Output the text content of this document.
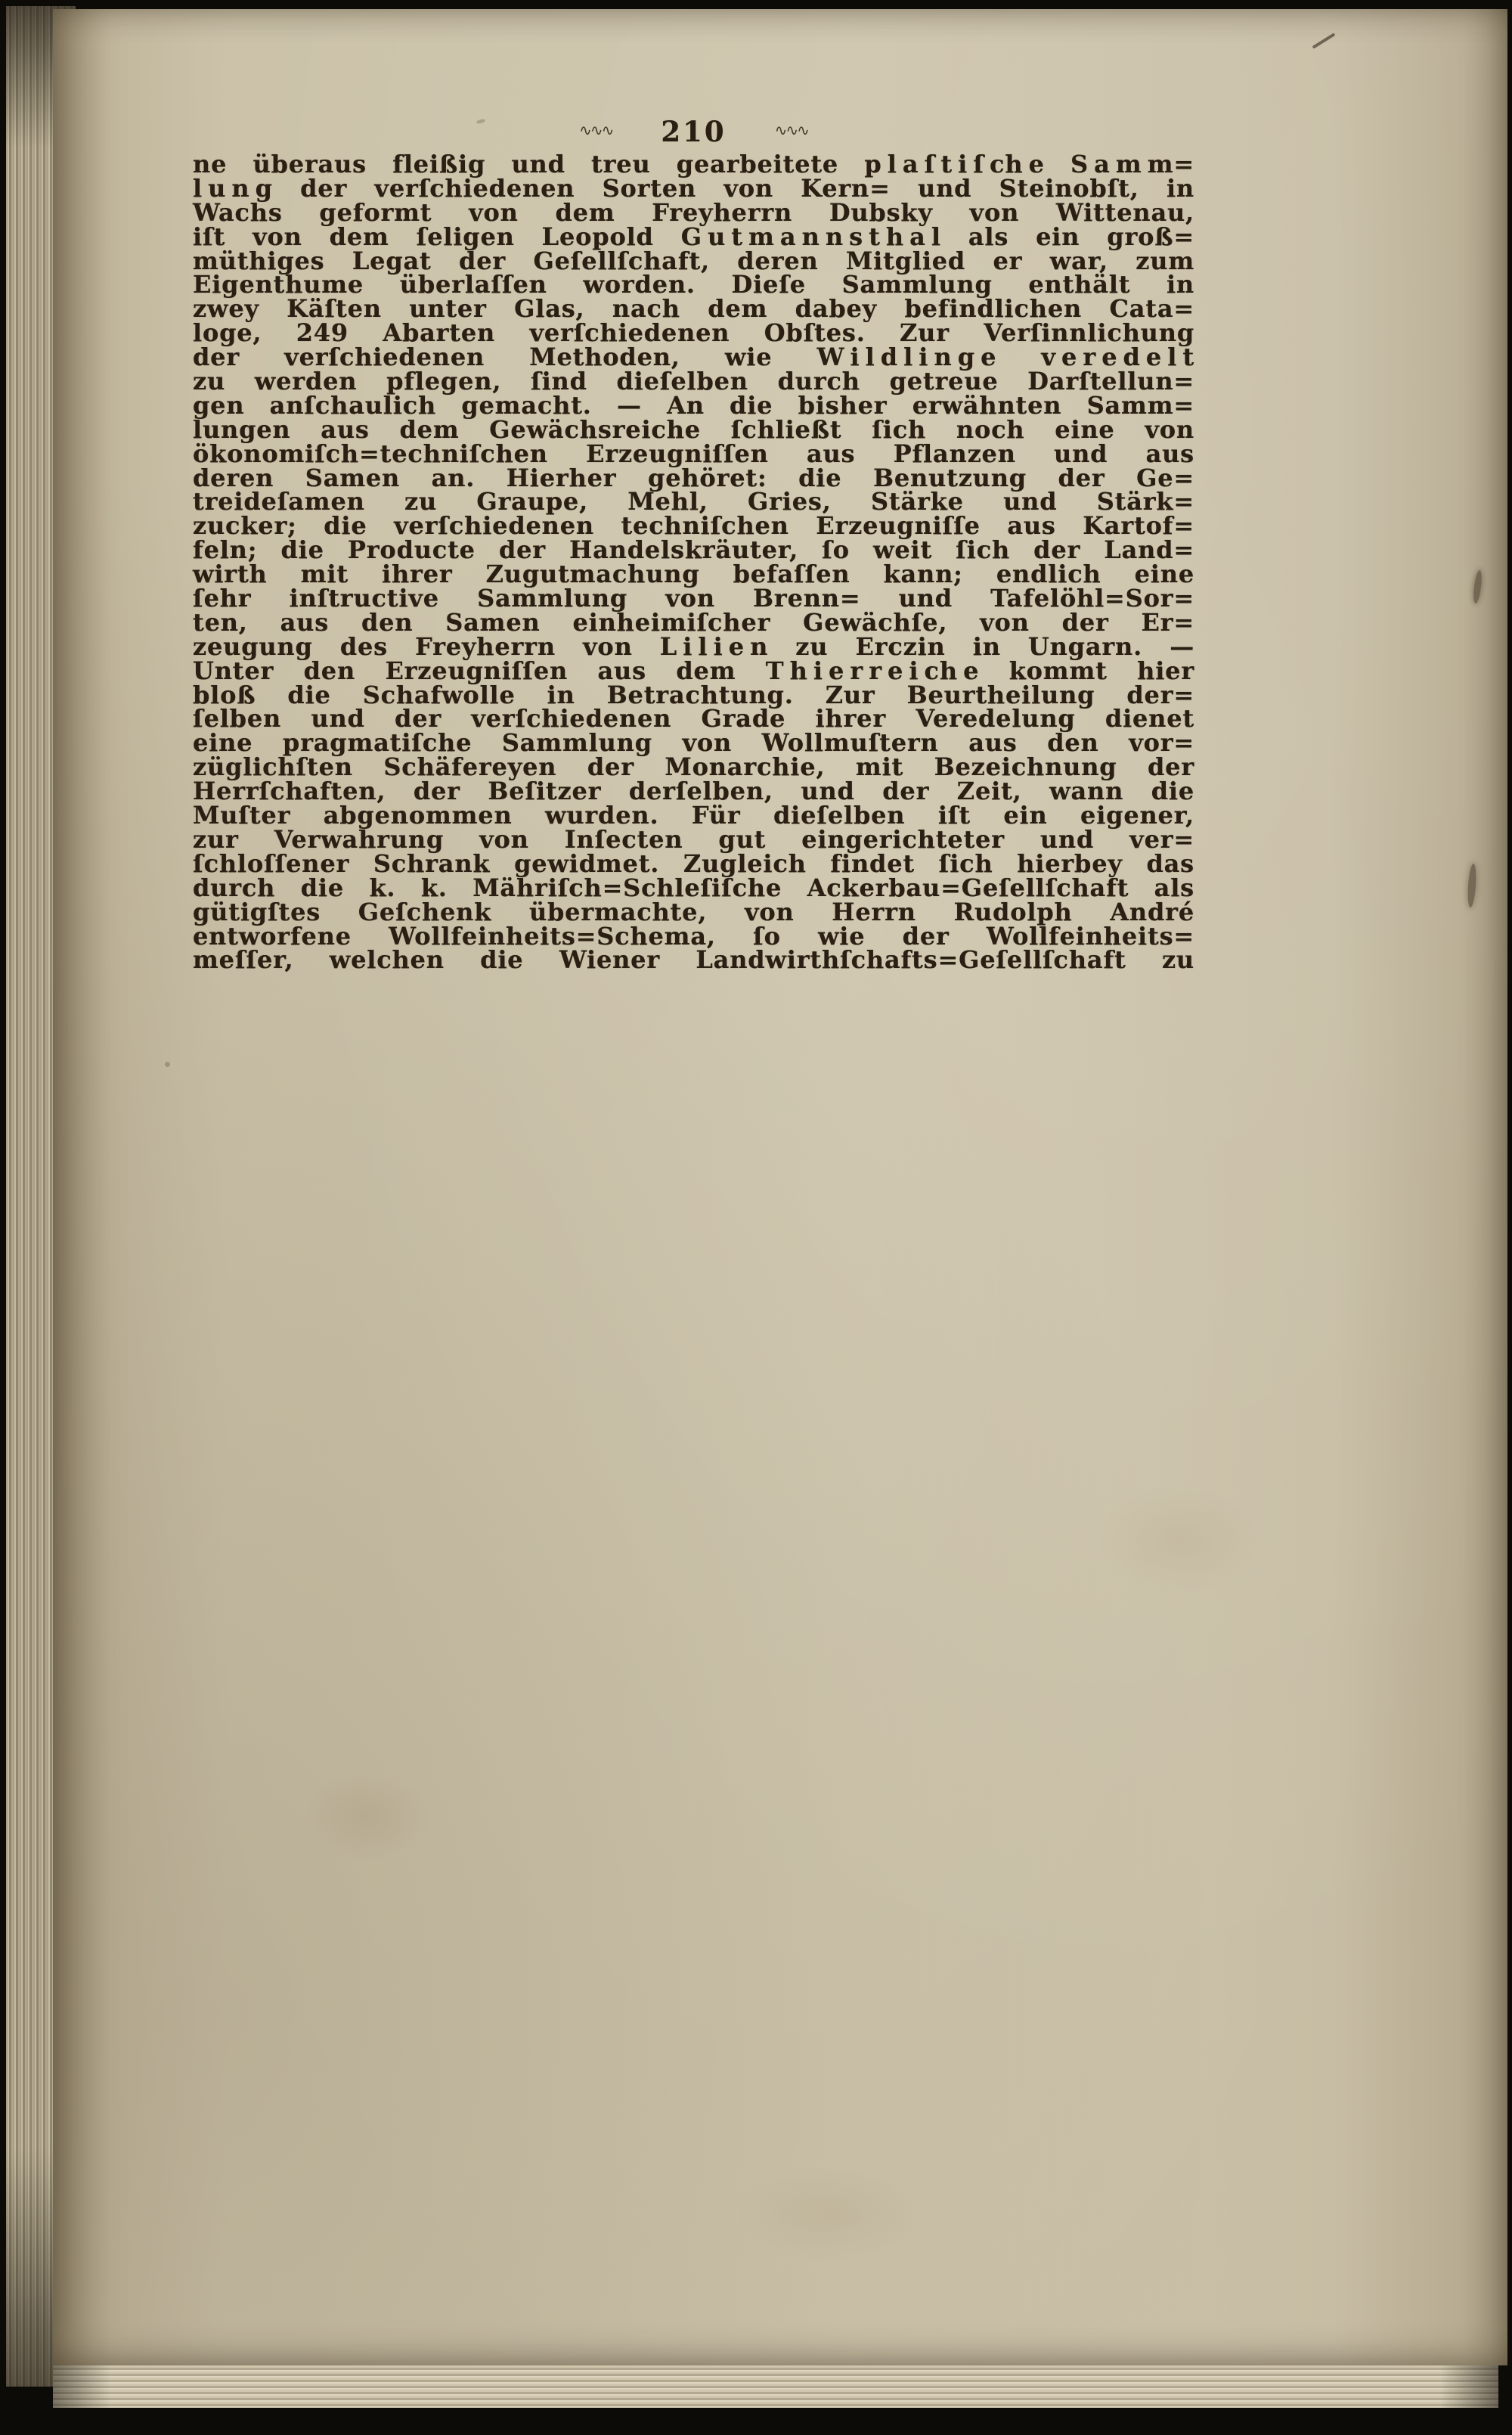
∿∿∿ 210	∿∿∿
ne überaus fleißig und treu gearbeitete p l a ſ t i ſ ch e S a m m=
l u n g der verſchiedenen Sorten von Kern= und Steinobſt, in
Wachs geformt von dem Freyherrn Dubsky von Wittenau,
iſt von dem ſeligen Leopold G u t m a n n s t h a l als ein groß=
müthiges Legat der Geſellſchaft, deren Mitglied er war, zum
Eigenthume überlaſſen worden. Dieſe Sammlung enthält in
zwey Käſten unter Glas, nach dem dabey befindlichen Cata=
loge, 249 Abarten verſchiedenen Obſtes. Zur Verſinnlichung
der verſchiedenen Methoden, wie W i l d l i n g e v e r e d e l t
zu werden pflegen, ſind dieſelben durch getreue Darſtellun=
gen anſchaulich gemacht. — An die bisher erwähnten Samm=
lungen aus dem Gewächsreiche ſchließt ſich noch eine von
ökonomiſch=techniſchen Erzeugniſſen aus Pflanzen und aus
deren Samen an. Hierher gehöret: die Benutzung der Ge=
treideſamen zu Graupe, Mehl, Gries, Stärke und Stärk=
zucker; die verſchiedenen techniſchen Erzeugniſſe aus Kartof=
feln; die Producte der Handelskräuter, ſo weit ſich der Land=
wirth mit ihrer Zugutmachung befaſſen kann; endlich eine
ſehr inſtructive Sammlung von Brenn= und Tafelöhl=Sor=
ten, aus den Samen einheimiſcher Gewächſe, von der Er=
zeugung des Freyherrn von L i l i e n zu Erczin in Ungarn. —
Unter den Erzeugniſſen aus dem T h i e r r e i ch e kommt hier
bloß die Schafwolle in Betrachtung. Zur Beurtheilung der=
ſelben und der verſchiedenen Grade ihrer Veredelung dienet
eine pragmatiſche Sammlung von Wollmuſtern aus den vor=
züglichſten Schäfereyen der Monarchie, mit Bezeichnung der
Herrſchaften, der Beſitzer derſelben, und der Zeit, wann die
Muſter abgenommen wurden. Für dieſelben iſt ein eigener,
zur Verwahrung von Inſecten gut eingerichteter und ver=
ſchloſſener Schrank gewidmet. Zugleich findet ſich hierbey das
durch die k. k. Mähriſch=Schleſiſche Ackerbau=Geſellſchaft als
gütigſtes Geſchenk übermachte, von Herrn Rudolph André
entworfene Wollfeinheits=Schema, ſo wie der Wollfeinheits=
meſſer, welchen die Wiener Landwirthſchafts=Geſellſchaft zu
